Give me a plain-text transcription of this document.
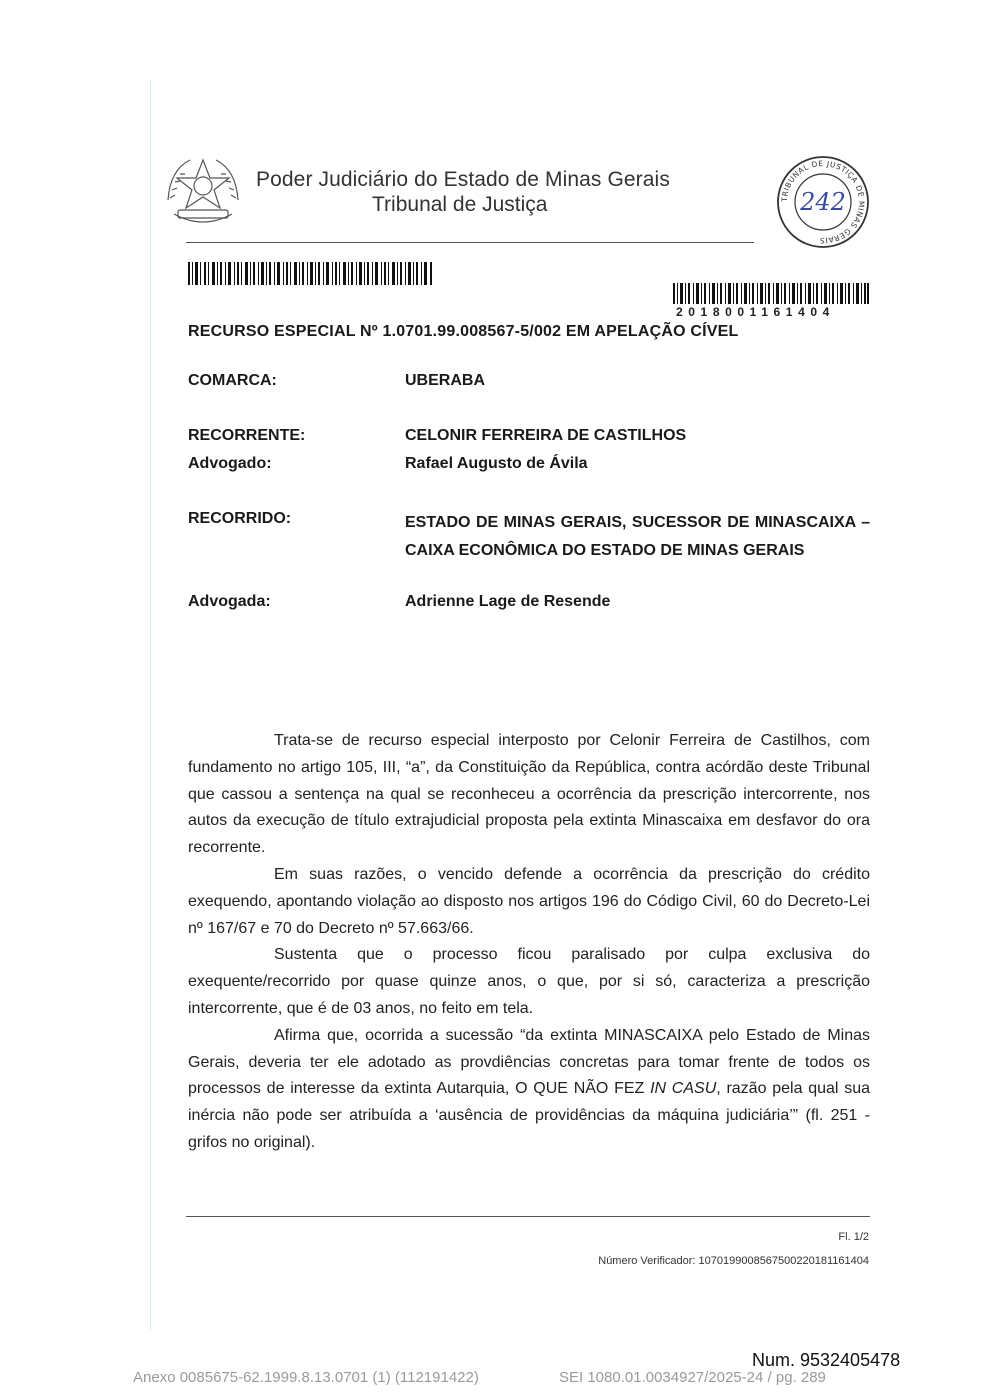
Poder Judiciário do Estado de Minas Gerais
Tribunal de Justiça	TRIBUNAL DE JUSTIÇA DE MINAS GERAIS
242
2018001161404
RECURSO ESPECIAL Nº 1.0701.99.008567-5/002 EM APELAÇÃO CÍVEL
COMARCA:	UBERABA
RECORRENTE:	CELONIR FERREIRA DE CASTILHOS
Advogado:	Rafael Augusto de Ávila
RECORRIDO:	ESTADO DE MINAS GERAIS, SUCESSOR DE MINASCAIXA – CAIXA ECONÔMICA DO ESTADO DE MINAS GERAIS
Advogada:	Adrienne Lage de Resende

Trata-se de recurso especial interposto por Celonir Ferreira de Castilhos, com fundamento no artigo 105, III, “a”, da Constituição da República, contra acórdão deste Tribunal que cassou a sentença na qual se reconheceu a ocorrência da prescrição intercorrente, nos autos da execução de título extrajudicial proposta pela extinta Minascaixa em desfavor do ora recorrente.

Em suas razões, o vencido defende a ocorrência da prescrição do crédito exequendo, apontando violação ao disposto nos artigos 196 do Código Civil, 60 do Decreto-Lei nº 167/67 e 70 do Decreto nº 57.663/66.

Sustenta que o processo ficou paralisado por culpa exclusiva do exequente/recorrido por quase quinze anos, o que, por si só, caracteriza a prescrição intercorrente, que é de 03 anos, no feito em tela.

Afirma que, ocorrida a sucessão “da extinta MINASCAIXA pelo Estado de Minas Gerais, deveria ter ele adotado as provdiências concretas para tomar frente de todos os processos de interesse da extinta Autarquia, O QUE NÃO FEZ IN CASU, razão pela qual sua inércia não pode ser atribuída a ‘ausência de providências da máquina judiciária’” (fl. 251 - grifos no original).

Fl. 1/2
Número Verificador: 1070199008567500220181161404
Num. 9532405478
Anexo 0085675-62.1999.8.13.0701 (1) (112191422)	SEI 1080.01.0034927/2025-24 / pg. 289
